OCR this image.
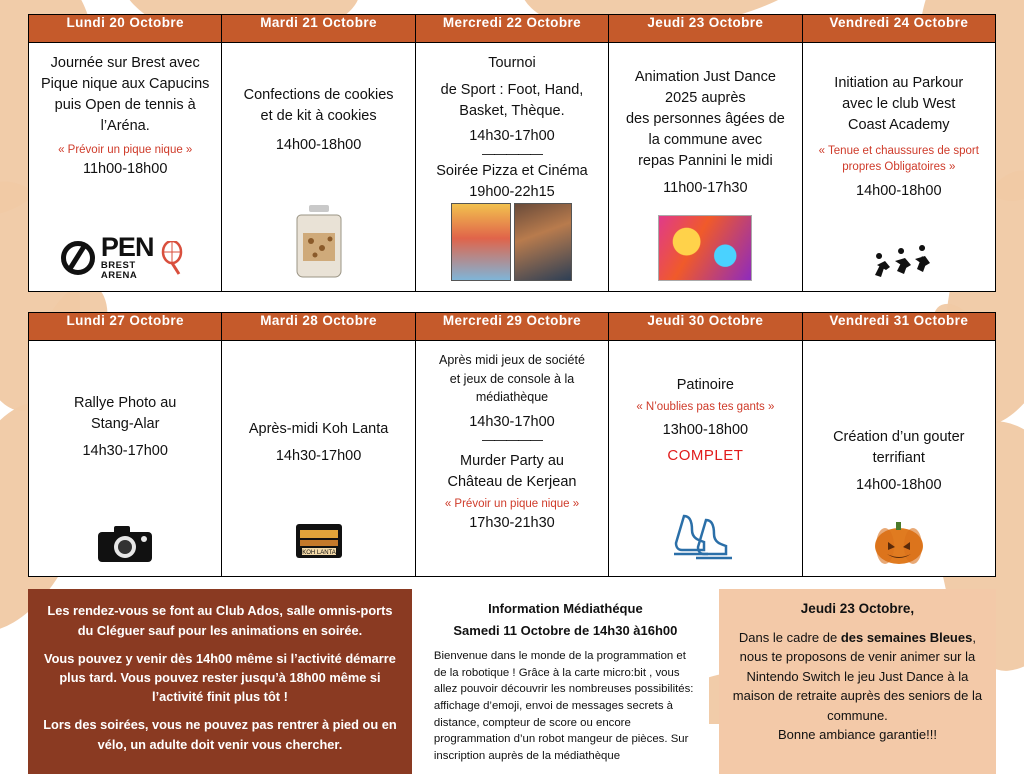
Lundi 20 Octobre	Mardi 21 Octobre	Mercredi 22 Octobre	Jeudi 23 Octobre	Vendredi 24 Octobre

Journée sur Brest avec
Pique nique aux Capucins
puis Open de tennis à
l’Aréna.
« Prévoir un pique nique »
11h00-18h00
PEN
BREST
ARENA

Confections de cookies
et de kit à cookies
14h00-18h00

Tournoi
de Sport : Foot, Hand,
Basket, Thèque.
14h30-17h00
—————
Soirée Pizza et Cinéma
19h00-22h15

Animation Just Dance
2025 auprès
des personnes âgées de
la commune avec
repas Pannini le midi
11h00-17h30

Initiation au Parkour
avec le club West
Coast Academy
« Tenue et chaussures de sport
propres Obligatoires »
14h00-18h00
Lundi 27 Octobre	Mardi 28 Octobre	Mercredi 29 Octobre	Jeudi 30 Octobre	Vendredi 31 Octobre

Rallye Photo au
Stang-Alar
14h30-17h00

Après-midi Koh Lanta
14h30-17h00
KOH LANTA

Après midi jeux de société
et jeux de console à la
médiathèque
14h30-17h00
—————
Murder Party au
Château de Kerjean
« Prévoir un pique nique »
17h30-21h30

Patinoire
« N’oublies pas tes gants »
13h00-18h00
COMPLET

Création d’un gouter
terrifiant
14h00-18h00

Les rendez-vous se font au Club Ados, salle omnis-ports du Cléguer sauf pour les animations en soirée.

Vous pouvez y venir dès 14h00 même si l’activité démarre plus tard. Vous pouvez rester jusqu’à 18h00 même si l’activité finit plus tôt !

Lors des soirées, vous ne pouvez pas rentrer à pied ou en vélo, un adulte doit venir vous chercher.

Information Médiathéque
Samedi 11 Octobre de 14h30 à16h00
Bienvenue dans le monde de la programmation et de la robotique ! Grâce à la carte micro:bit , vous allez pouvoir découvrir les nombreuses possibilités: affichage d’emoji, envoi de messages secrets à distance, compteur de score ou encore programmation d’un robot mangeur de pièces. Sur inscription auprès de la médiathèque
Jeudi 23 Octobre,
Dans le cadre de des semaines Bleues, nous te proposons de venir animer sur la Nintendo Switch le jeu Just Dance à la maison de retraite auprès des seniors de la commune.
Bonne ambiance garantie!!!
